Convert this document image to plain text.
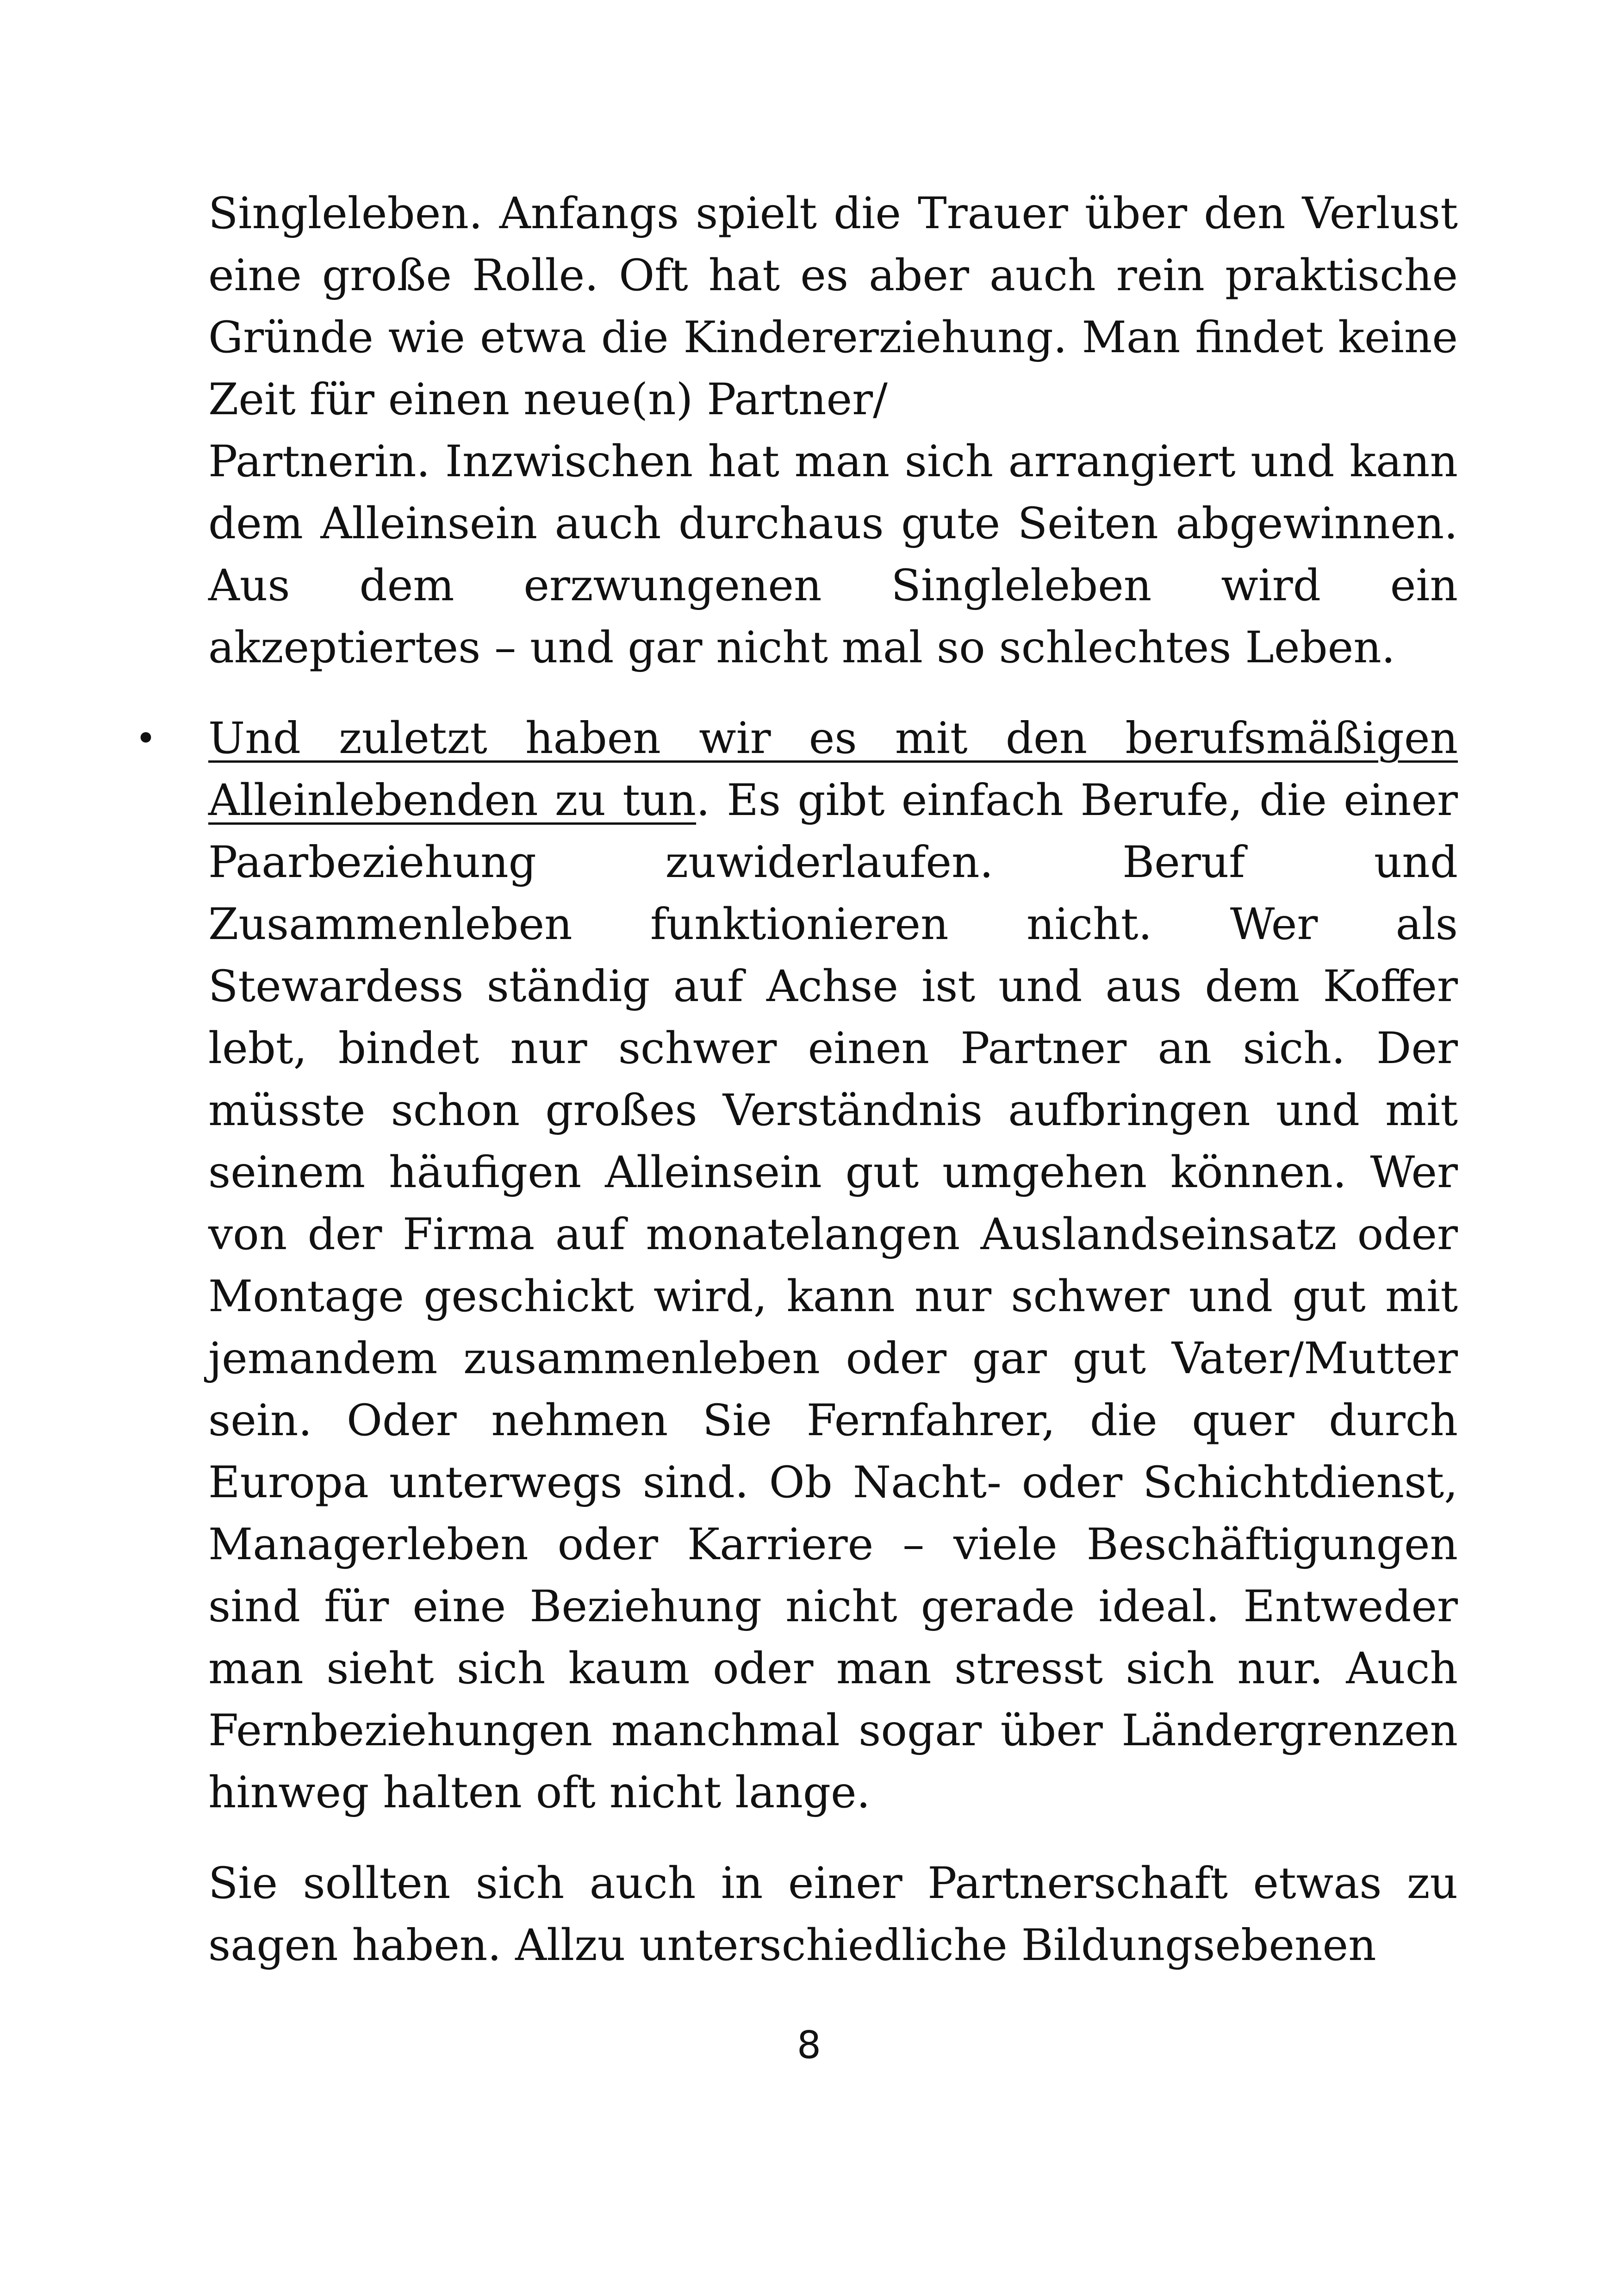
Singleleben. Anfangs spielt die Trauer über den Verlust eine große Rolle. Oft hat es aber auch rein praktische Gründe wie etwa die Kindererziehung. Man findet keine Zeit für einen neue(n) Partner/

Partnerin. Inzwischen hat man sich arrangiert und kann dem Alleinsein auch durchaus gute Seiten abgewinnen. Aus dem erzwungenen Singleleben wird ein akzeptiertes – und gar nicht mal so schlechtes Leben.

• Und zuletzt haben wir es mit den berufsmäßigen Alleinlebenden zu tun. Es gibt einfach Berufe, die einer Paarbeziehung zuwiderlaufen. Beruf und Zusammenleben funktionieren nicht. Wer als Stewardess ständig auf Achse ist und aus dem Koffer lebt, bindet nur schwer einen Partner an sich. Der müsste schon großes Verständnis aufbringen und mit seinem häufigen Alleinsein gut umgehen können. Wer von der Firma auf monatelangen Auslandseinsatz oder Montage geschickt wird, kann nur schwer und gut mit jemandem zusammenleben oder gar gut Vater/Mutter sein. Oder nehmen Sie Fernfahrer, die quer durch Europa unterwegs sind. Ob Nacht- oder Schichtdienst, Managerleben oder Karriere – viele Beschäftigungen sind für eine Beziehung nicht gerade ideal. Entweder man sieht sich kaum oder man stresst sich nur. Auch Fernbeziehungen manchmal sogar über Ländergrenzen hinweg halten oft nicht lange.

Sie sollten sich auch in einer Partnerschaft etwas zu sagen haben. Allzu unterschiedliche Bildungsebenen

8
